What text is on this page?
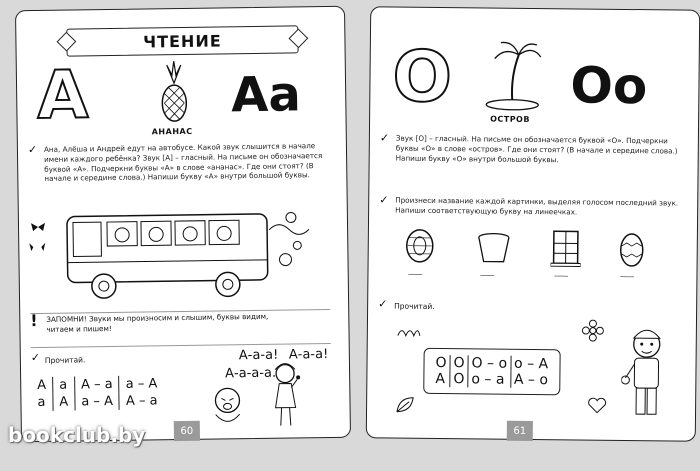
ЧТЕНИЕ
А	АНАНАС
Аа
✓ Ана, Алёша и Андрей едут на автобусе. Какой звук слышится в начале имени каждого ребёнка? Звук [А] – гласный. На письме он обозначается буквой «А». Подчеркни буквы «А» в слове «ананас». Где они стоят? (В начале и середине слова.) Напиши букву «А» внутри большой буквы.
! ЗАПОМНИ! Звуки мы произносим и слышим, буквы видим, читаем и пишем!
✓ Прочитай.
А	а	А – а	а – А
а	А	а – А	А – а
А-а-а! А-а-а!
А-а-а-а.
60
О
ОСТРОВ
Оо
✓ Звук [О] – гласный. На письме он обозначается буквой «О». Подчеркни буквы «О» в слове «остров». Где они стоят? (В начале и середине слова.) Напиши букву «О» внутри большой буквы.
✓ Произнеси название каждой картинки, выделяя голосом последний звук. Напиши соответствующую букву на линеечках.
___	___	___	___
✓ Прочитай.
О	О	О – о	о – А
А	О	о – а	А – о
61
bookclub.by
